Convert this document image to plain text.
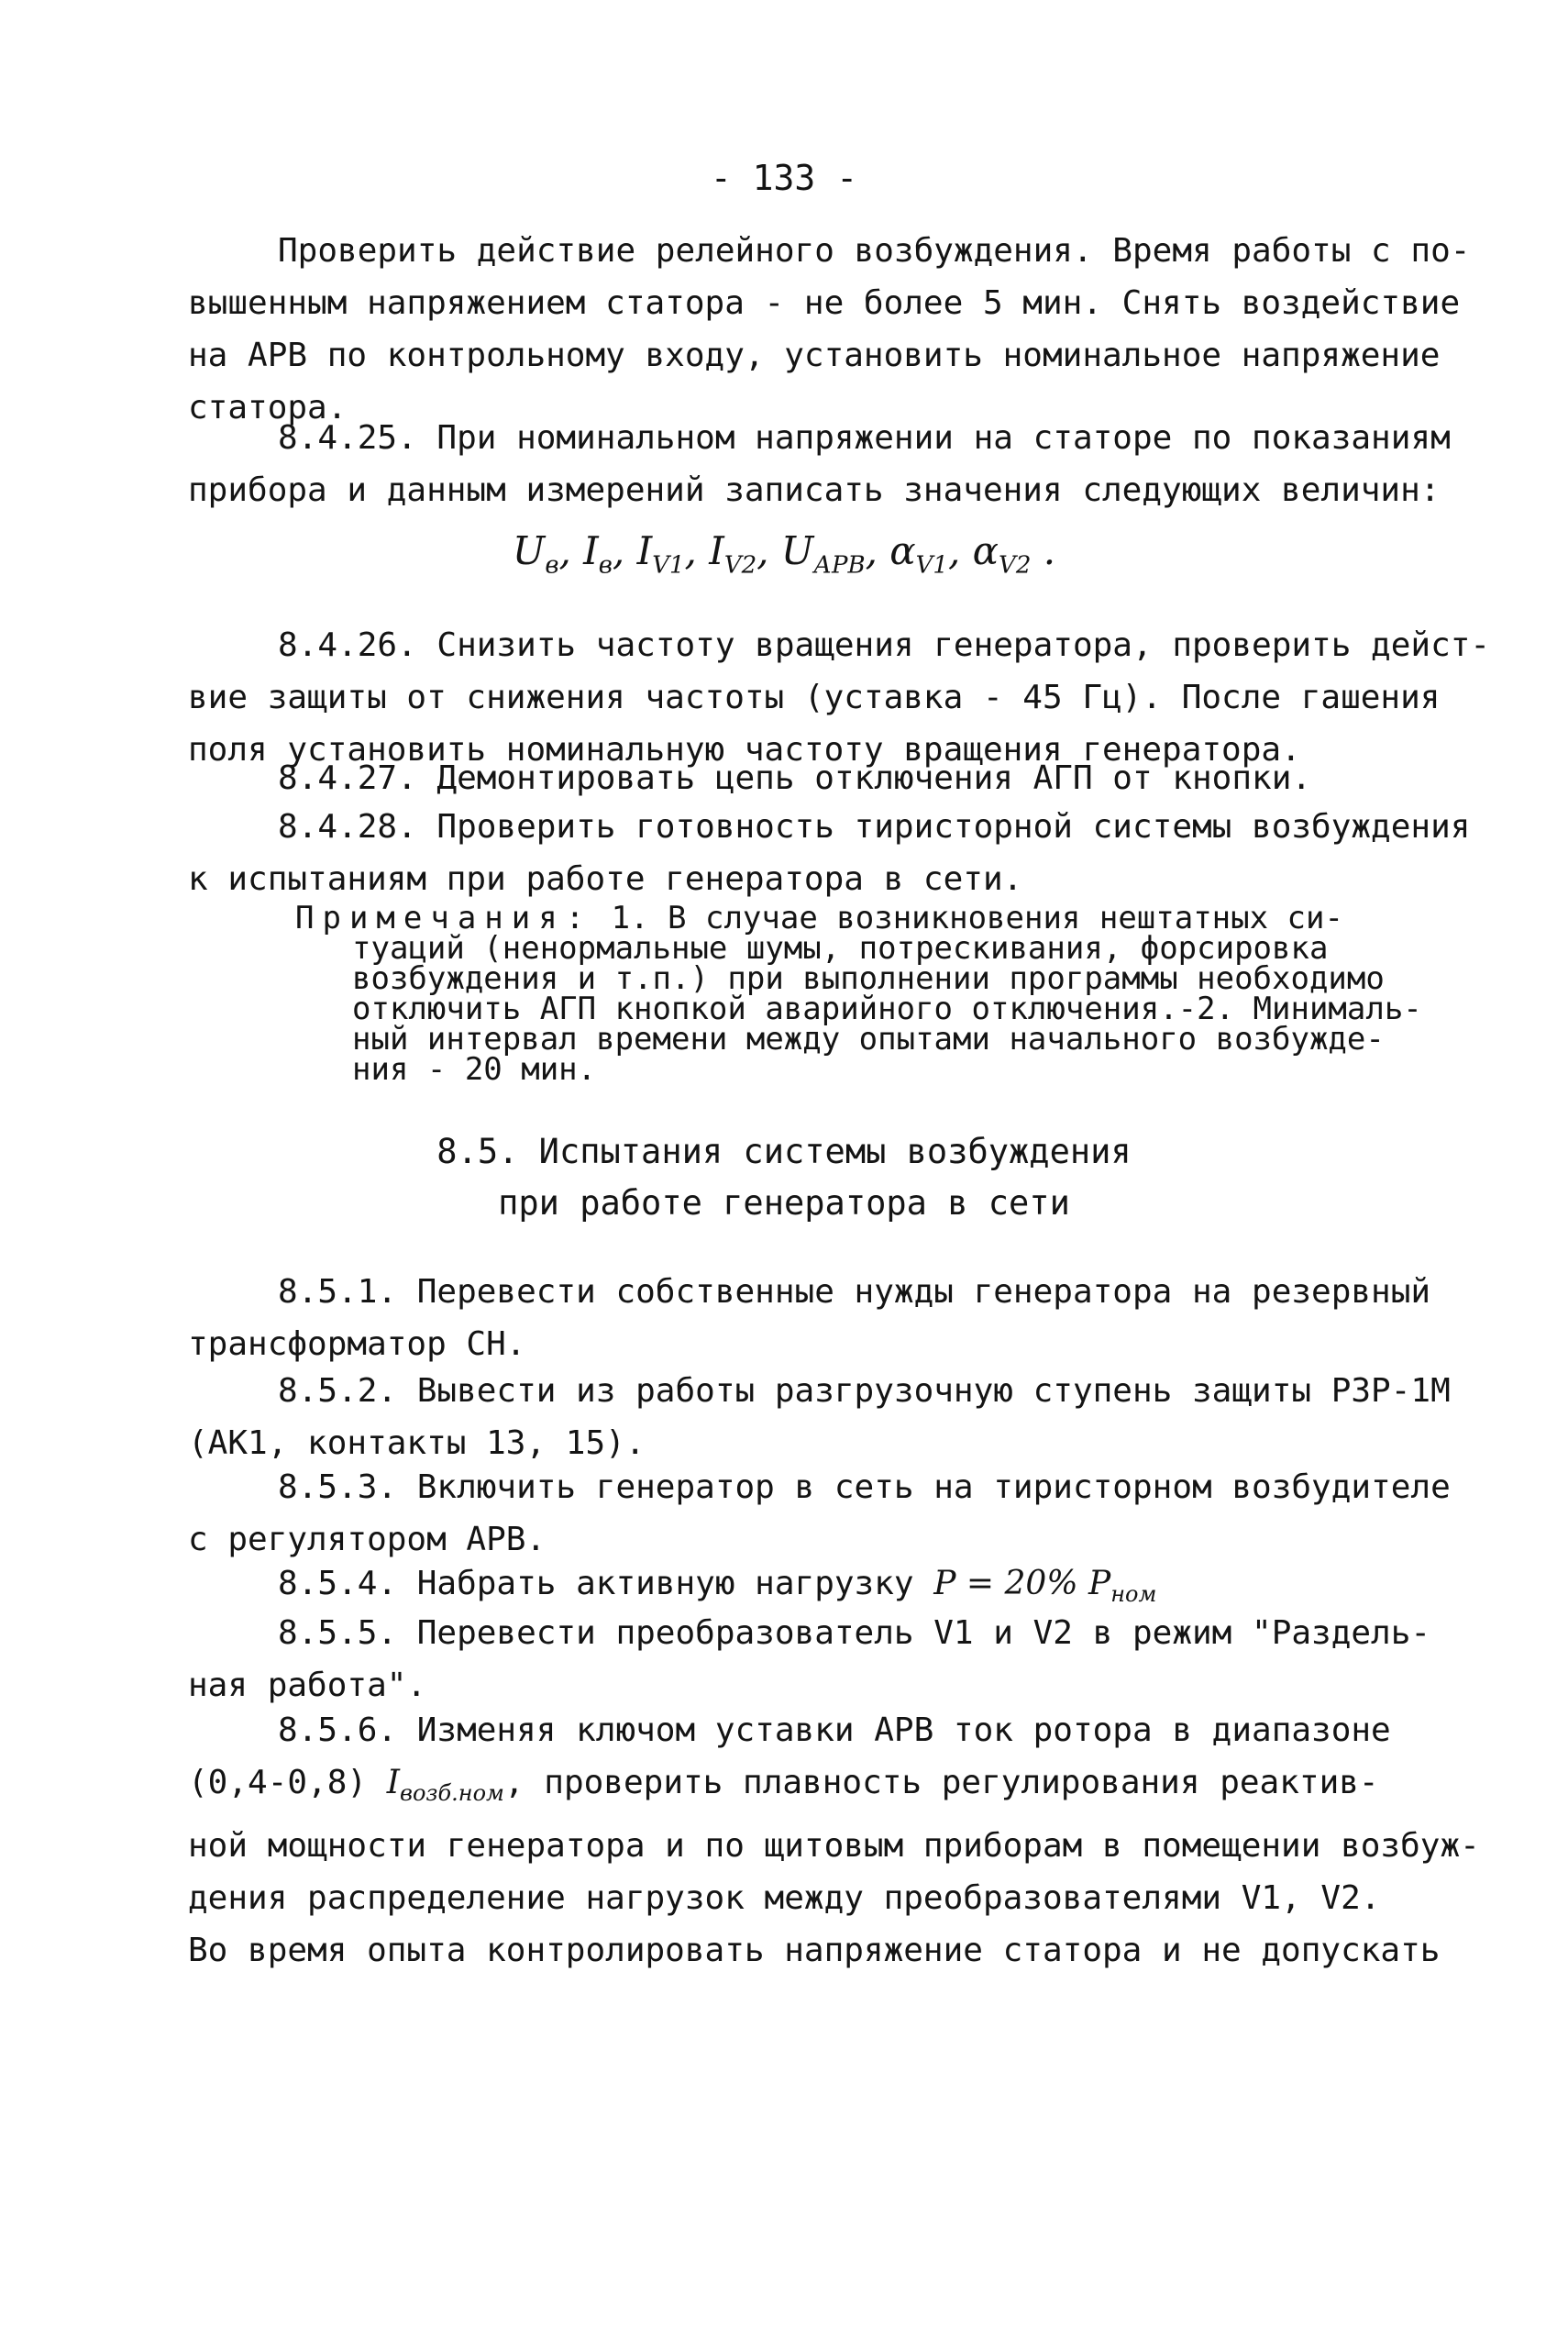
- 133 -
Проверить действие релейного возбуждения. Время работы с по-
вышенным напряжением статора - не более 5 мин. Снять воздействие
на АРВ по контрольному входу, установить номинальное напряжение
статора.
8.4.25. При номинальном напряжении на статоре по показаниям
прибора и данным измерений записать значения следующих величин:
$U_в$, $I_в$, $I_{V1}$, $I_{V2}$, $U_{АРВ}$, $\alpha_{V1}$, $\alpha_{V2}$ .
8.4.26. Снизить частоту вращения генератора, проверить дейст-
вие защиты от снижения частоты (уставка - 45 Гц). После гашения
поля установить номинальную частоту вращения генератора.
8.4.27. Демонтировать цепь отключения АГП от кнопки.
8.4.28. Проверить готовность тиристорной системы возбуждения
к испытаниям при работе генератора в сети.
Примечания: 1. В случае возникновения нештатных си-
туаций (ненормальные шумы, потрескивания, форсировка
возбуждения и т.п.) при выполнении программы необходимо
отключить АГП кнопкой аварийного отключения.-2. Минималь-
ный интервал времени между опытами начального возбужде-
ния - 20 мин.
8.5. Испытания системы возбуждения
при работе генератора в сети
8.5.1. Перевести собственные нужды генератора на резервный
трансформатор СН.
8.5.2. Вывести из работы разгрузочную ступень защиты РЗР-1М
(АК1, контакты 13, 15).
8.5.3. Включить генератор в сеть на тиристорном возбудителе
с регулятором АРВ.
8.5.4. Набрать активную нагрузку P = 20% $P_{ном}$
8.5.5. Перевести преобразователь V1 и V2 в режим "Раздель-
ная работа".
8.5.6. Изменяя ключом уставки АРВ ток ротора в диапазоне
(0,4-0,8) $I_{возб.ном}$, проверить плавность регулирования реактив-
ной мощности генератора и по щитовым приборам в помещении возбуж-
дения распределение нагрузок между преобразователями V1, V2.
Во время опыта контролировать напряжение статора и не допускать
